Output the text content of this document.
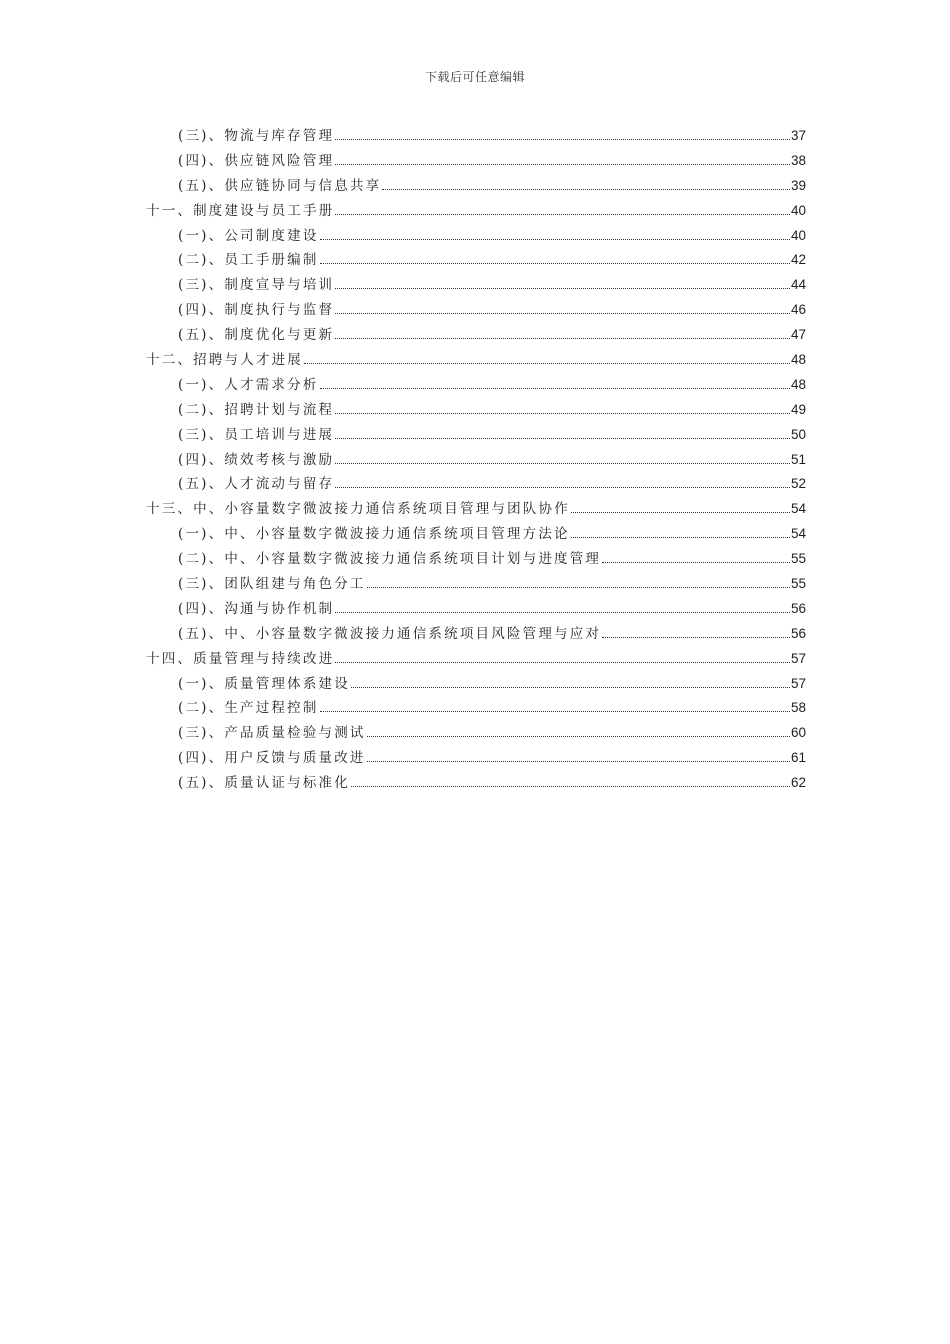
下载后可任意编辑
(三)、物流与库存管理	37
(四)、供应链风险管理	38
(五)、供应链协同与信息共享	39
十一、制度建设与员工手册	40
(一)、公司制度建设	40
(二)、员工手册编制	42
(三)、制度宣导与培训	44
(四)、制度执行与监督	46
(五)、制度优化与更新	47
十二、招聘与人才进展	48
(一)、人才需求分析	48
(二)、招聘计划与流程	49
(三)、员工培训与进展	50
(四)、绩效考核与激励	51
(五)、人才流动与留存	52
十三、中、小容量数字微波接力通信系统项目管理与团队协作	54
(一)、中、小容量数字微波接力通信系统项目管理方法论	54
(二)、中、小容量数字微波接力通信系统项目计划与进度管理	55
(三)、团队组建与角色分工	55
(四)、沟通与协作机制	56
(五)、中、小容量数字微波接力通信系统项目风险管理与应对	56
十四、质量管理与持续改进	57
(一)、质量管理体系建设	57
(二)、生产过程控制	58
(三)、产品质量检验与测试	60
(四)、用户反馈与质量改进	61
(五)、质量认证与标准化	62
